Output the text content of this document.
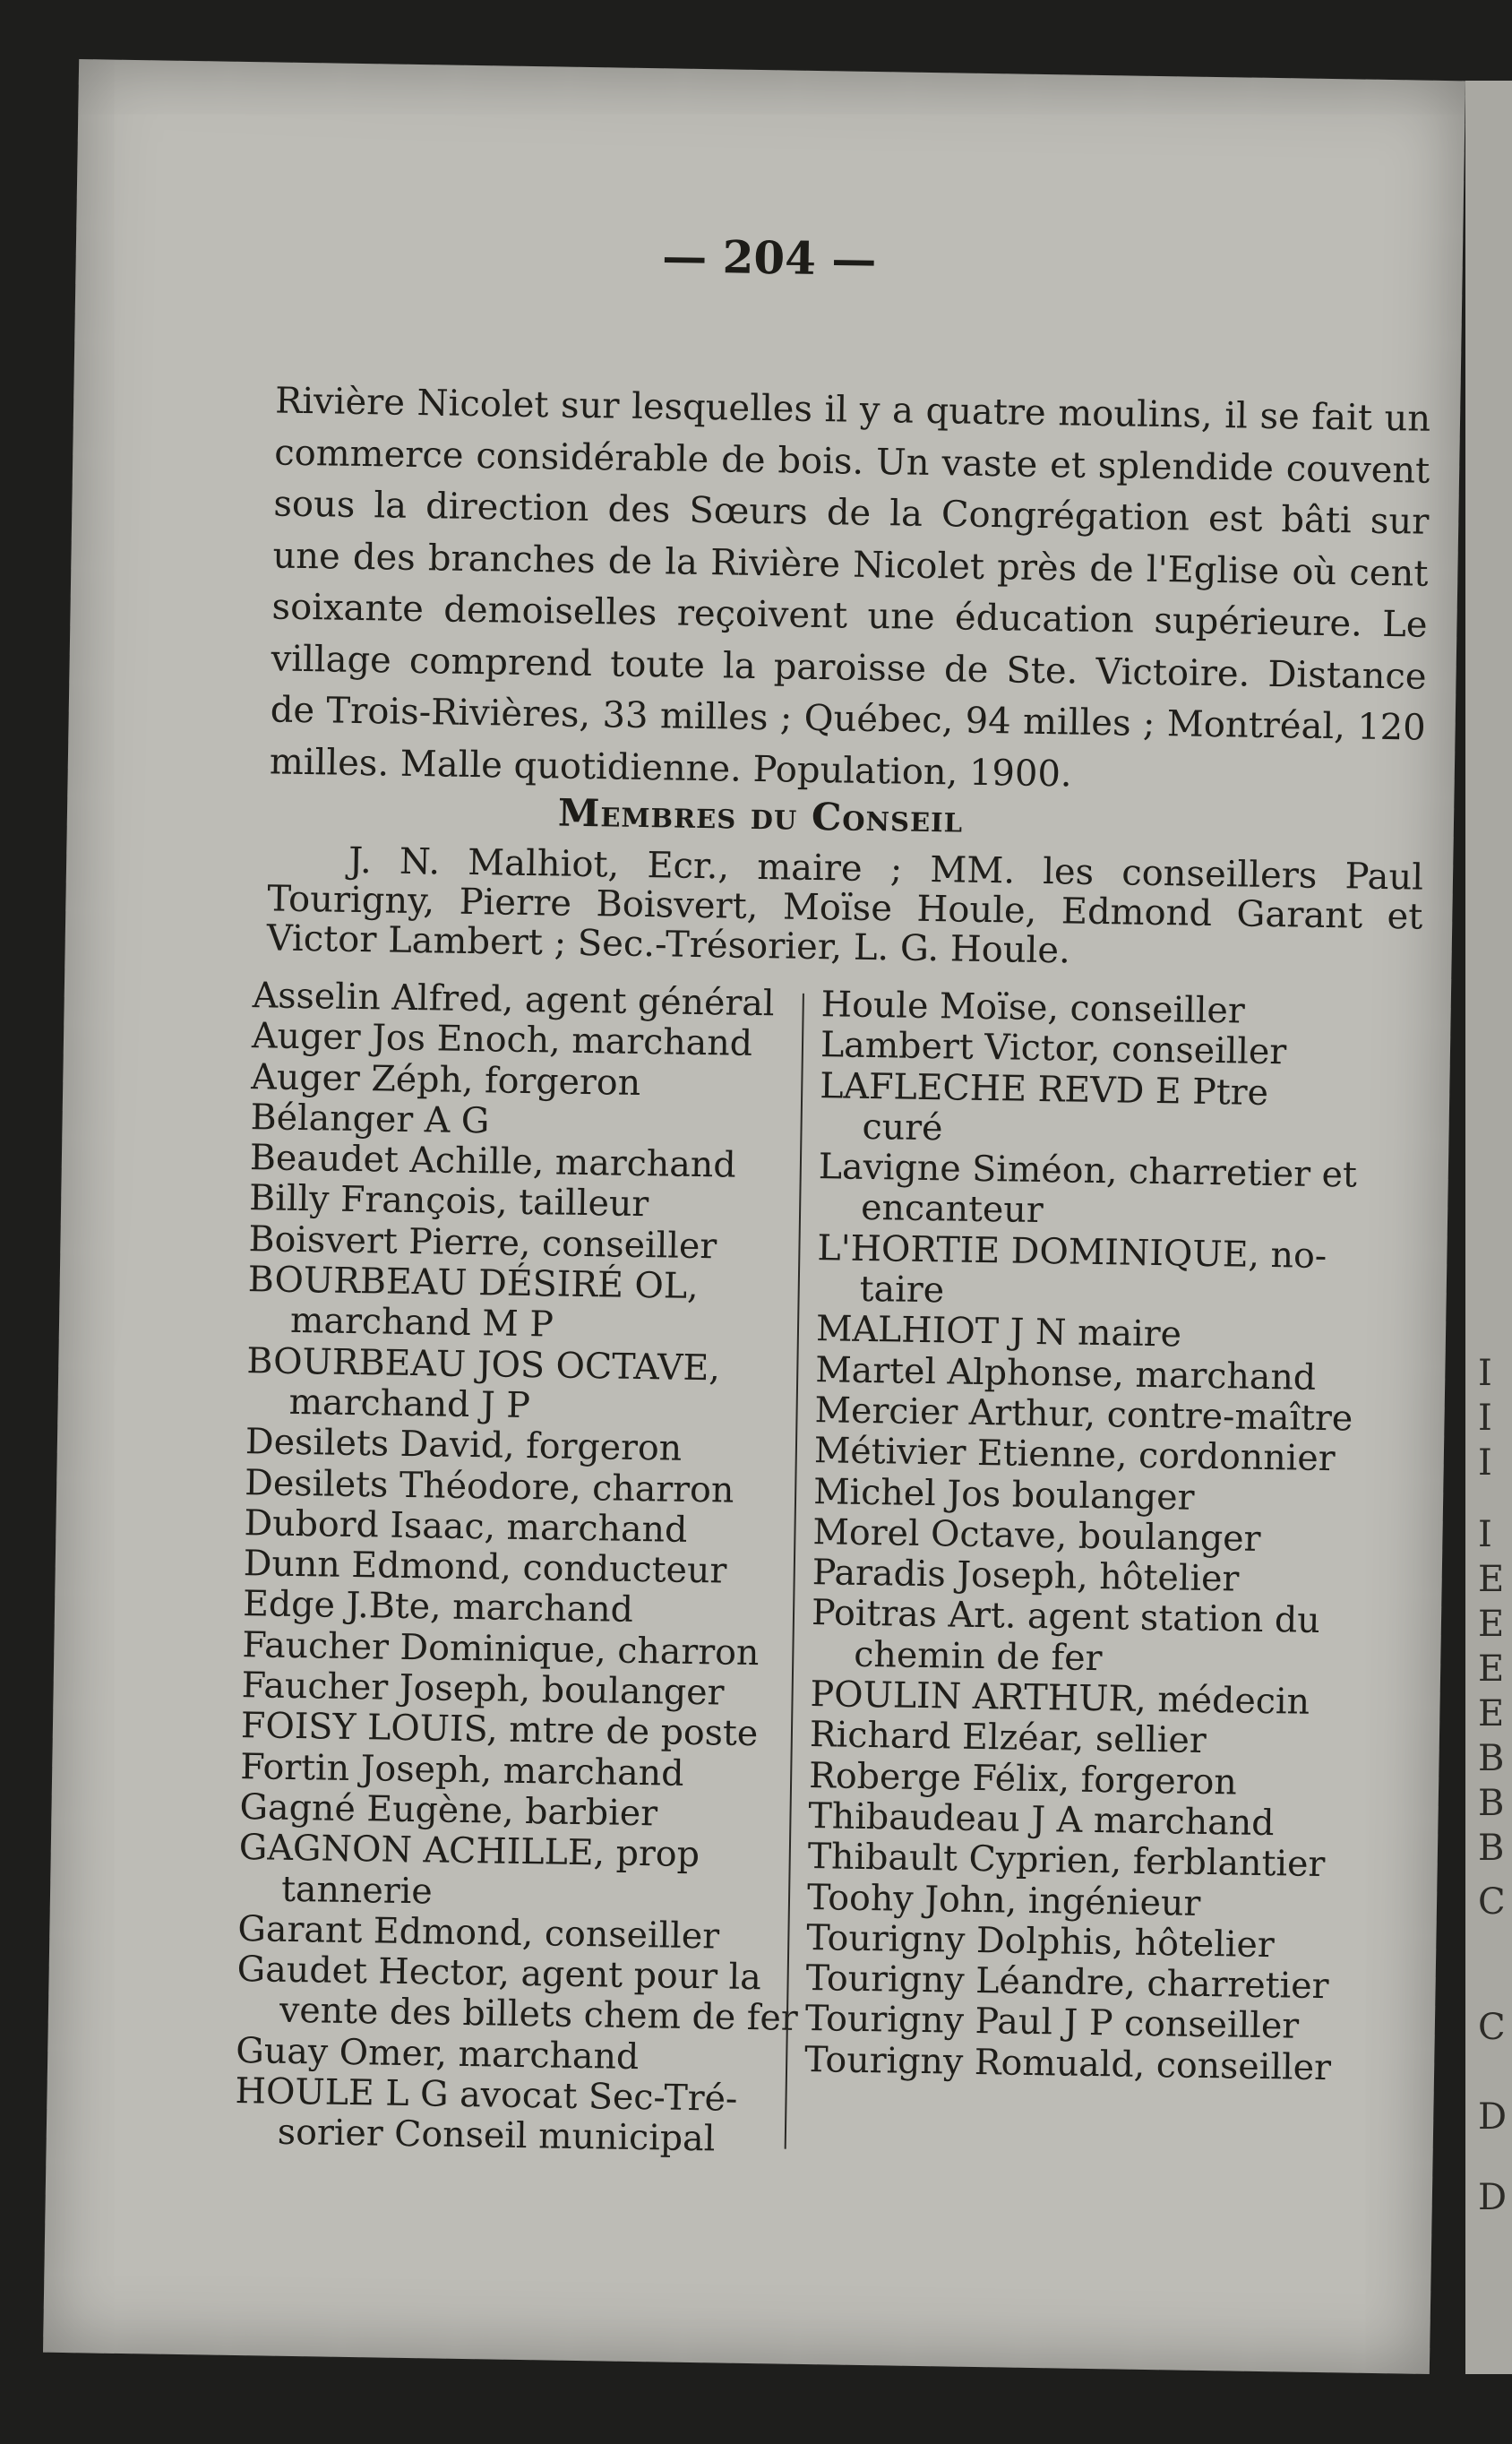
I
I
I
I
E
E
E
E
B
B
B
C
C
D
D
— 204 —

Rivière Nicolet sur lesquelles il y a quatre moulins, il se fait un commerce considérable de bois. Un vaste et splendide couvent sous la direction des Sœurs de la Congrégation est bâti sur une des branches de la Rivière Nicolet près de l'Eglise où cent soixante demoiselles reçoivent une éducation supérieure. Le village comprend toute la paroisse de Ste. Victoire. Distance de Trois-Rivières, 33 milles ; Québec, 94 milles ; Montréal, 120 milles. Malle quotidienne. Population, 1900.

Membres du Conseil
J. N. Malhiot, Ecr., maire ; MM. les conseillers Paul Tourigny, Pierre Boisvert, Moïse Houle, Edmond Garant et Victor Lambert ; Sec.-Trésorier, L. G. Houle.

Asselin Alfred, agent général

Auger Jos Enoch, marchand

Auger Zéph, forgeron

Bélanger A G

Beaudet Achille, marchand

Billy François, tailleur

Boisvert Pierre, conseiller

BOURBEAU DÉSIRÉ OL,
marchand M P

BOURBEAU JOS OCTAVE,
marchand J P

Desilets David, forgeron

Desilets Théodore, charron

Dubord Isaac, marchand

Dunn Edmond, conducteur

Edge J.Bte, marchand

Faucher Dominique, charron

Faucher Joseph, boulanger

FOISY LOUIS, mtre de poste

Fortin Joseph, marchand

Gagné Eugène, barbier

GAGNON ACHILLE, prop
tannerie

Garant Edmond, conseiller

Gaudet Hector, agent pour la
vente des billets chem de fer

Guay Omer, marchand

HOULE L G avocat Sec-Tré-
sorier Conseil municipal

Houle Moïse, conseiller

Lambert Victor, conseiller

LAFLECHE REVD E Ptre
curé

Lavigne Siméon, charretier et
encanteur

L'HORTIE DOMINIQUE, no-
taire

MALHIOT J N maire

Martel Alphonse, marchand

Mercier Arthur, contre-maître

Métivier Etienne, cordonnier

Michel Jos boulanger

Morel Octave, boulanger

Paradis Joseph, hôtelier

Poitras Art. agent station du
chemin de fer

POULIN ARTHUR, médecin

Richard Elzéar, sellier

Roberge Félix, forgeron

Thibaudeau J A marchand

Thibault Cyprien, ferblantier

Toohy John, ingénieur

Tourigny Dolphis, hôtelier

Tourigny Léandre, charretier

Tourigny Paul J P conseiller

Tourigny Romuald, conseiller
